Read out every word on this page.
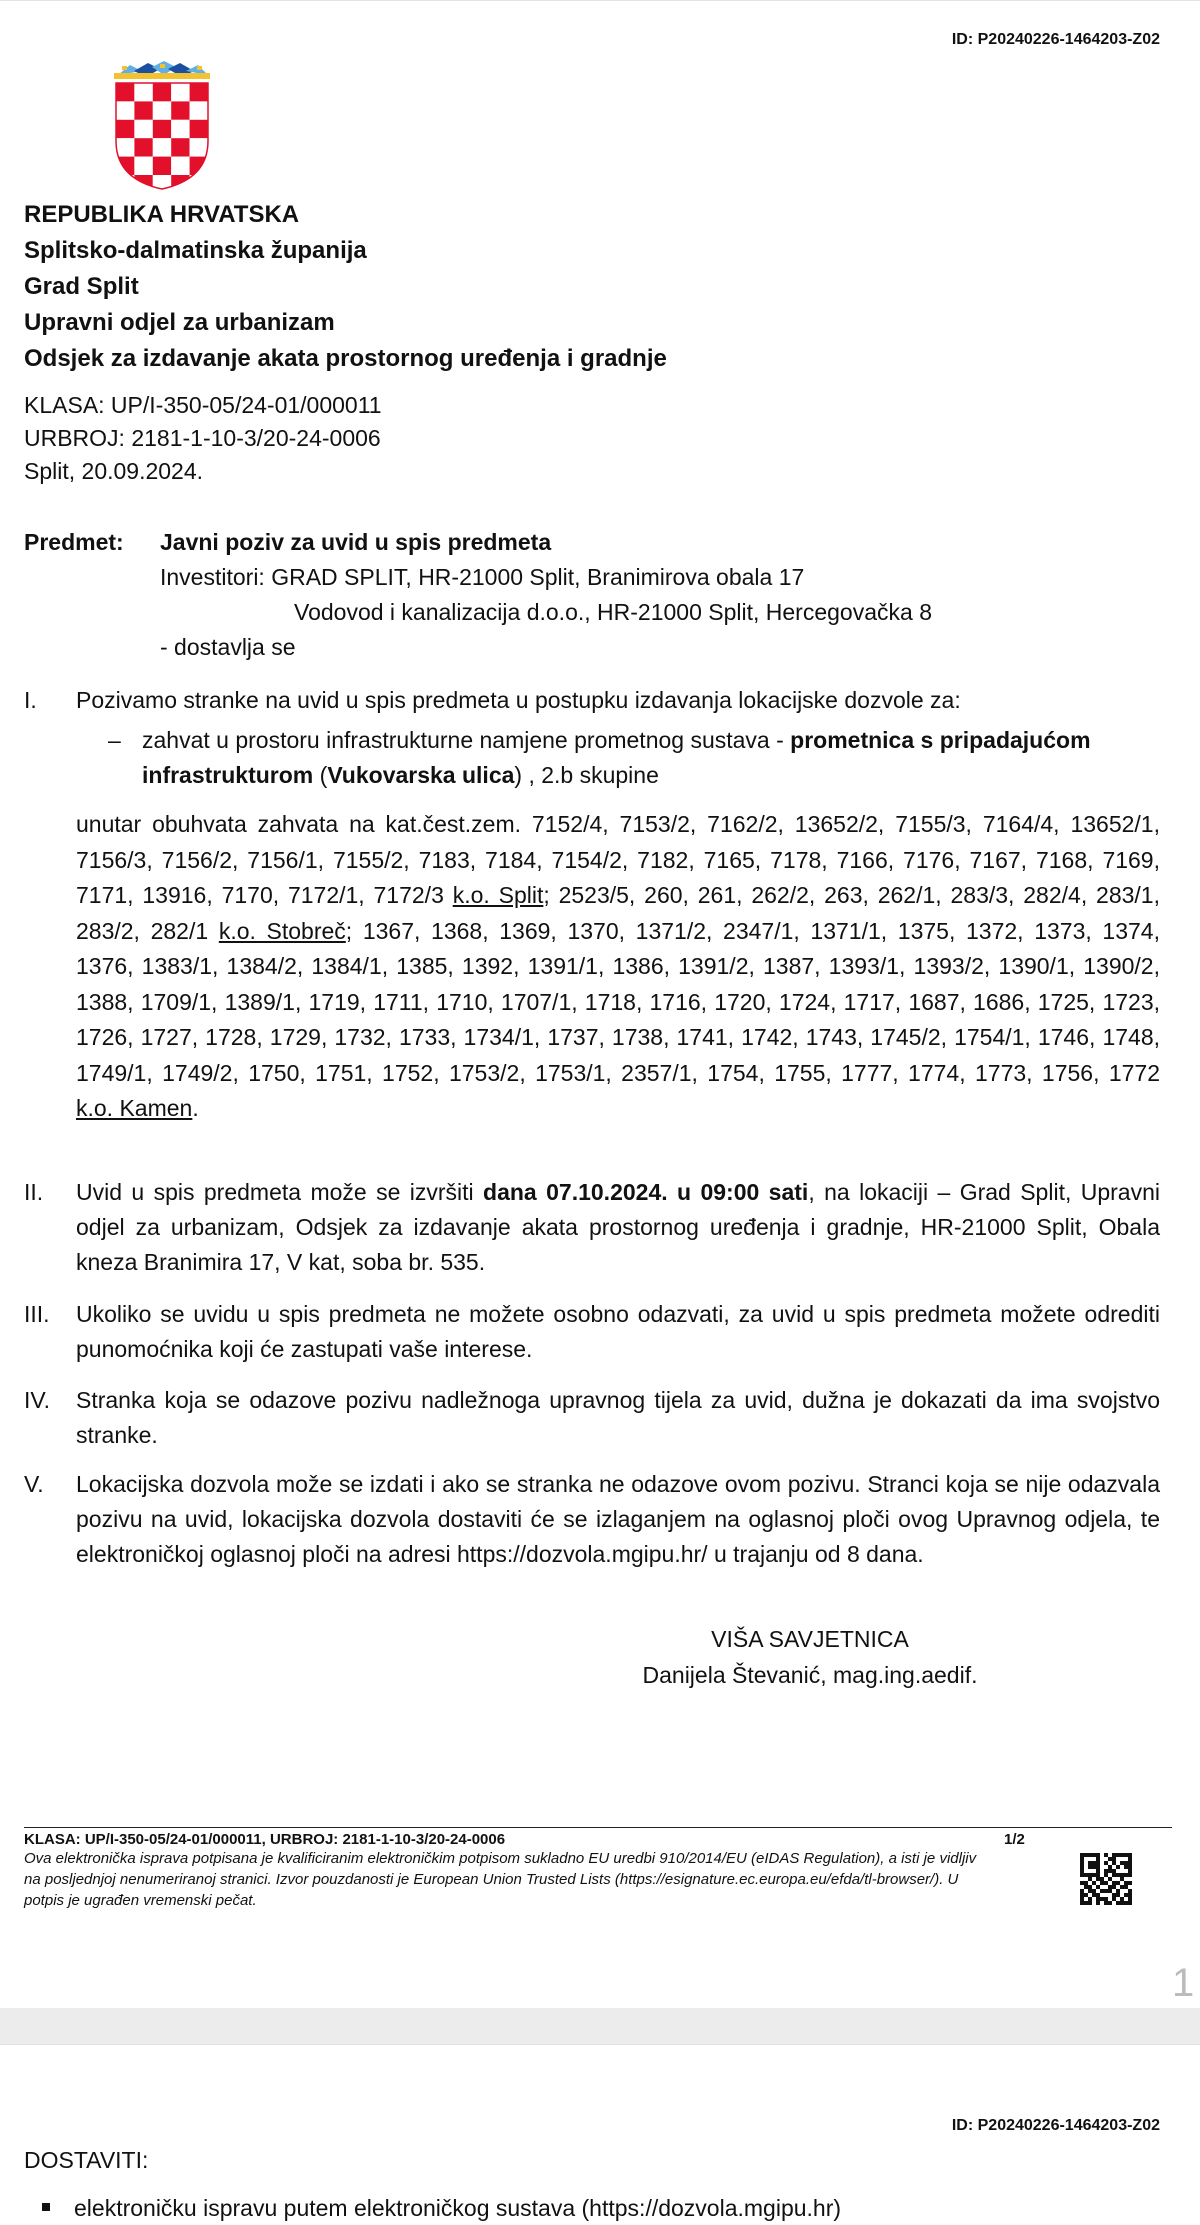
ID: P20240226-1464203-Z02
REPUBLIKA HRVATSKA
Splitsko-dalmatinska županija
Grad Split
Upravni odjel za urbanizam
Odsjek za izdavanje akata prostornog uređenja i gradnje
KLASA: UP/I-350-05/24-01/000011
URBROJ: 2181-1-10-3/20-24-0006
Split, 20.09.2024.
Predmet: Javni poziv za uvid u spis predmeta
Investitori: GRAD SPLIT, HR-21000 Split, Branimirova obala 17
Vodovod i kanalizacija d.o.o., HR-21000 Split, Hercegovačka 8
- dostavlja se
I. Pozivamo stranke na uvid u spis predmeta u postupku izdavanja lokacijske dozvole za:
– zahvat u prostoru infrastrukturne namjene prometnog sustava - prometnica s pripadajućom infrastrukturom (Vukovarska ulica) , 2.b skupine
unutar obuhvata zahvata na kat.čest.zem. 7152/4, 7153/2, 7162/2, 13652/2, 7155/3, 7164/4, 13652/1, 7156/3, 7156/2, 7156/1, 7155/2, 7183, 7184, 7154/2, 7182, 7165, 7178, 7166, 7176, 7167, 7168, 7169, 7171, 13916, 7170, 7172/1, 7172/3 k.o. Split; 2523/5, 260, 261, 262/2, 263, 262/1, 283/3, 282/4, 283/1, 283/2, 282/1 k.o. Stobreč; 1367, 1368, 1369, 1370, 1371/2, 2347/1, 1371/1, 1375, 1372, 1373, 1374, 1376, 1383/1, 1384/2, 1384/1, 1385, 1392, 1391/1, 1386, 1391/2, 1387, 1393/1, 1393/2, 1390/1, 1390/2, 1388, 1709/1, 1389/1, 1719, 1711, 1710, 1707/1, 1718, 1716, 1720, 1724, 1717, 1687, 1686, 1725, 1723, 1726, 1727, 1728, 1729, 1732, 1733, 1734/1, 1737, 1738, 1741, 1742, 1743, 1745/2, 1754/1, 1746, 1748, 1749/1, 1749/2, 1750, 1751, 1752, 1753/2, 1753/1, 2357/1, 1754, 1755, 1777, 1774, 1773, 1756, 1772 k.o. Kamen.
II. Uvid u spis predmeta može se izvršiti dana 07.10.2024. u 09:00 sati, na lokaciji – Grad Split, Upravni odjel za urbanizam, Odsjek za izdavanje akata prostornog uređenja i gradnje, HR-21000 Split, Obala kneza Branimira 17, V kat, soba br. 535.
III. Ukoliko se uvidu u spis predmeta ne možete osobno odazvati, za uvid u spis predmeta možete odrediti punomoćnika koji će zastupati vaše interese.
IV. Stranka koja se odazove pozivu nadležnoga upravnog tijela za uvid, dužna je dokazati da ima svojstvo stranke.
V. Lokacijska dozvola može se izdati i ako se stranka ne odazove ovom pozivu. Stranci koja se nije odazvala pozivu na uvid, lokacijska dozvola dostaviti će se izlaganjem na oglasnoj ploči ovog Upravnog odjela, te elektroničkoj oglasnoj ploči na adresi https://dozvola.mgipu.hr/ u trajanju od 8 dana.
VIŠA SAVJETNICA
Danijela Števanić, mag.ing.aedif.
KLASA: UP/I-350-05/24-01/000011, URBROJ: 2181-1-10-3/20-24-0006	1/2
Ova elektronička isprava potpisana je kvalificiranim elektroničkim potpisom sukladno EU uredbi 910/2014/EU (eIDAS Regulation), a isti je vidljiv na posljednjoj nenumeriranoj stranici. Izvor pouzdanosti je European Union Trusted Lists (https://esignature.ec.europa.eu/efda/tl-browser/). U potpis je ugrađen vremenski pečat.
1
ID: P20240226-1464203-Z02
DOSTAVITI:
elektroničku ispravu putem elektroničkog sustava (https://dozvola.mgipu.hr)
